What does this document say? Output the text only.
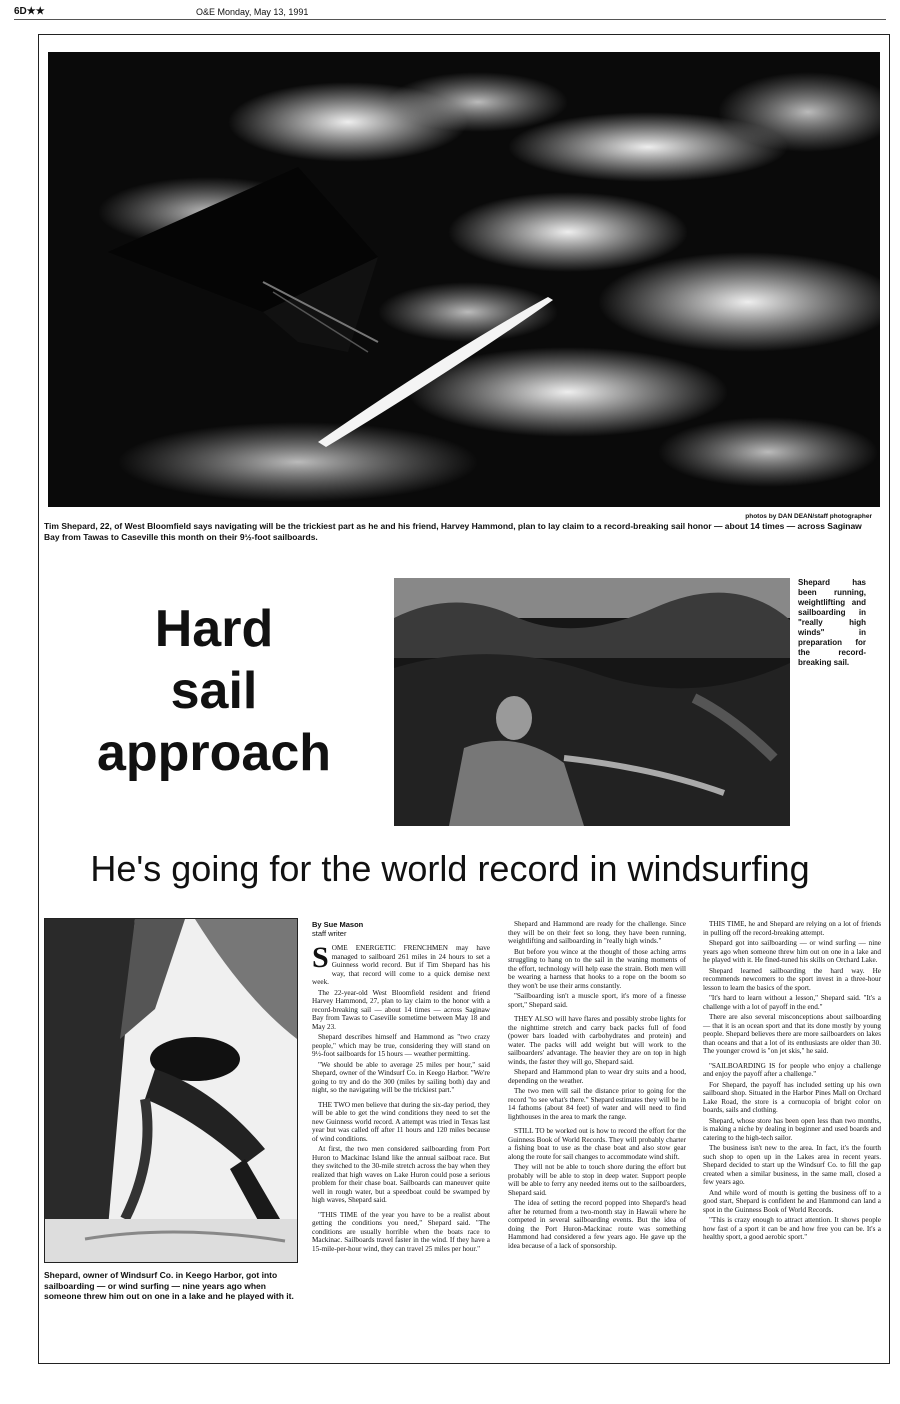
6D★★	O&E Monday, May 13, 1991
photos by DAN DEAN/staff photographer
Tim Shepard, 22, of West Bloomfield says navigating will be the trickiest part as he and his friend, Harvey Hammond, plan to lay claim to a record-breaking sail honor — about 14 times — across Saginaw Bay from Tawas to Caseville this month on their 9½-foot sailboards.
Hard
sail
approach
Shepard has been running, weightlifting and sailboarding in "really high winds" in preparation for the record-breaking sail.
He's going for the world record in windsurfing
Shepard, owner of Windsurf Co. in Keego Harbor, got into sailboarding — or wind surfing — nine years ago when someone threw him out on one in a lake and he played with it.
By Sue Mason
staff writer

SOME ENERGETIC FRENCHMEN may have managed to sailboard 261 miles in 24 hours to set a Guinness world record. But if Tim Shepard has his way, that record will come to a quick demise next week.

The 22-year-old West Bloomfield resident and friend Harvey Hammond, 27, plan to lay claim to the honor with a record-breaking sail — about 14 times — across Saginaw Bay from Tawas to Caseville sometime between May 18 and May 23.

Shepard describes himself and Hammond as "two crazy people," which may be true, considering they will stand on 9½-foot sailboards for 15 hours — weather permitting.

"We should be able to average 25 miles per hour," said Shepard, owner of the Windsurf Co. in Keego Harbor. "We're going to try and do the 300 (miles by sailing both) day and night, so the navigating will be the trickiest part."

THE TWO men believe that during the six-day period, they will be able to get the wind conditions they need to set the new Guinness world record. A attempt was tried in Texas last year but was called off after 11 hours and 120 miles because of wind conditions.

At first, the two men considered sailboarding from Port Huron to Mackinac Island like the annual sailboat race. But they switched to the 30-mile stretch across the bay when they realized that high waves on Lake Huron could pose a serious problem for their chase boat. Sailboards can maneuver quite well in rough water, but a speedboat could be swamped by high waves, Shepard said.

"THIS TIME of the year you have to be a realist about getting the conditions you need," Shepard said. "The conditions are usually horrible when the boats race to Mackinac. Sailboards travel faster in the wind. If they have a 15-mile-per-hour wind, they can travel 25 miles per hour."

Shepard and Hammond are ready for the challenge. Since they will be on their feet so long, they have been running, weightlifting and sailboarding in "really high winds."

But before you wince at the thought of those aching arms struggling to hang on to the sail in the waning moments of the effort, technology will help ease the strain. Both men will be wearing a harness that hooks to a rope on the boom so they won't be use their arms constantly.

"Sailboarding isn't a muscle sport, it's more of a finesse sport," Shepard said.

THEY ALSO will have flares and possibly strobe lights for the nighttime stretch and carry back packs full of food (power bars loaded with carbohydrates and protein) and water. The packs will add weight but will work to the sailboarders' advantage. The heavier they are on top in high winds, the faster they will go, Shepard said.

Shepard and Hammond plan to wear dry suits and a hood, depending on the weather.

The two men will sail the distance prior to going for the record "to see what's there." Shepard estimates they will be in 14 fathoms (about 84 feet) of water and will need to find lighthouses in the area to mark the range.

STILL TO be worked out is how to record the effort for the Guinness Book of World Records. They will probably charter a fishing boat to use as the chase boat and also stow gear along the route for sail changes to accommodate wind shift.

They will not be able to touch shore during the effort but probably will be able to stop in deep water. Support people will be able to ferry any needed items out to the sailboarders, Shepard said.

The idea of setting the record popped into Shepard's head after he returned from a two-month stay in Hawaii where he competed in several sailboarding events. But the idea of doing the Port Huron-Mackinac route was something Hammond had considered a few years ago. He gave up the idea because of a lack of sponsorship.

THIS TIME, he and Shepard are relying on a lot of friends in pulling off the record-breaking attempt.

Shepard got into sailboarding — or wind surfing — nine years ago when someone threw him out on one in a lake and he played with it. He fined-tuned his skills on Orchard Lake.

Shepard learned sailboarding the hard way. He recommends newcomers to the sport invest in a three-hour lesson to learn the basics of the sport.

"It's hard to learn without a lesson," Shepard said. "It's a challenge with a lot of payoff in the end."

There are also several misconceptions about sailboarding — that it is an ocean sport and that its done mostly by young people. Shepard believes there are more sailboarders on lakes than oceans and that a lot of its enthusiasts are older than 30. The younger crowd is "on jet skis," he said.

"SAILBOARDING IS for people who enjoy a challenge and enjoy the payoff after a challenge."

For Shepard, the payoff has included setting up his own sailboard shop. Situated in the Harbor Pines Mall on Orchard Lake Road, the store is a cornucopia of bright color on boards, sails and clothing.

Shepard, whose store has been open less than two months, is making a niche by dealing in beginner and used boards and catering to the high-tech sailor.

The business isn't new to the area. In fact, it's the fourth such shop to open up in the Lakes area in recent years. Shepard decided to start up the Windsurf Co. to fill the gap created when a similar business, in the same mall, closed a few years ago.

And while word of mouth is getting the business off to a good start, Shepard is confident he and Hammond can land a spot in the Guinness Book of World Records.

"This is crazy enough to attract attention. It shows people how fast of a sport it can be and how free you can be. It's a healthy sport, a good aerobic sport."
